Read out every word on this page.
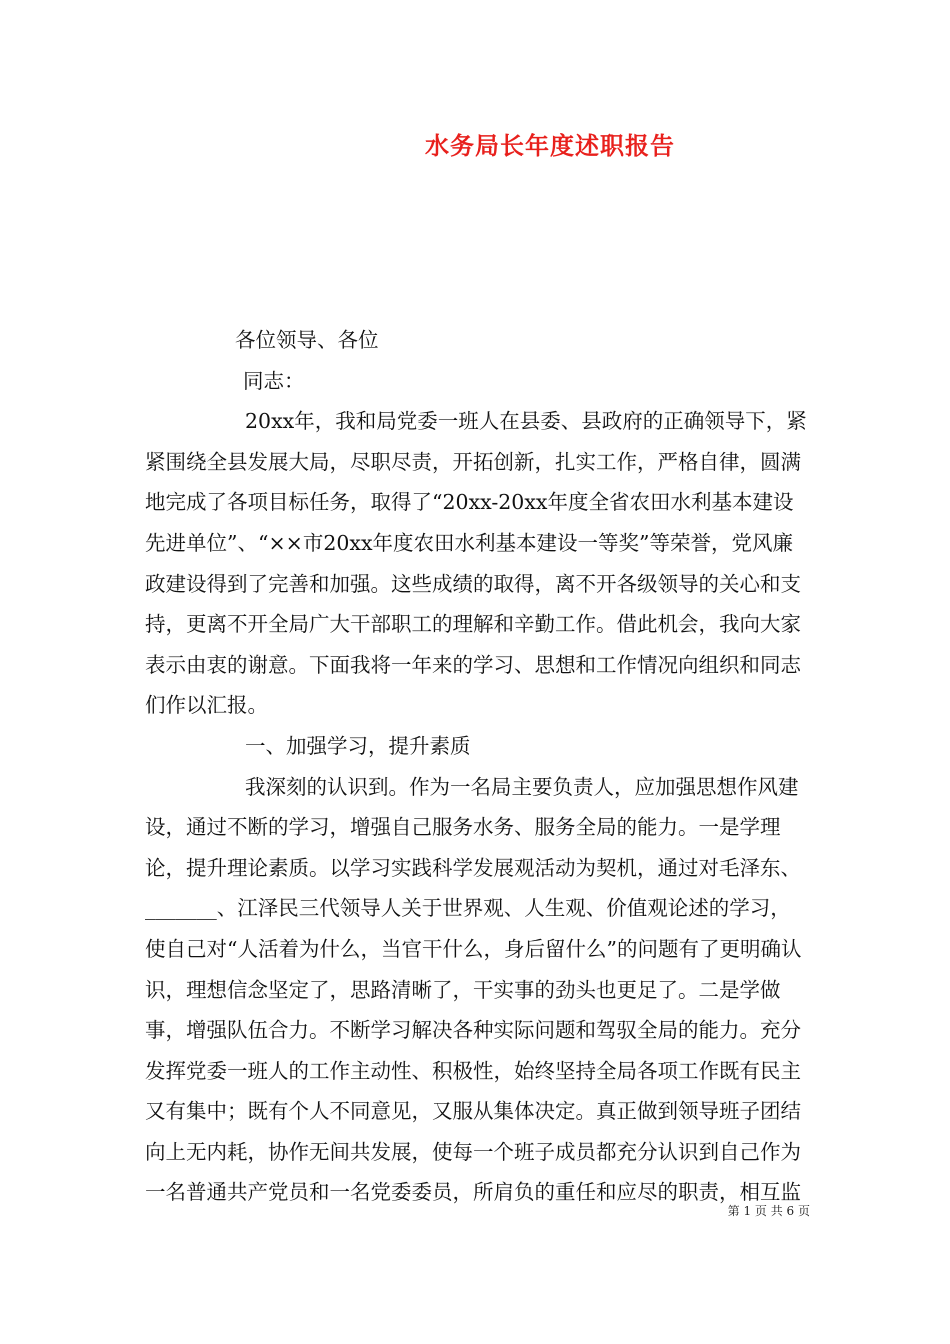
水务局长年度述职报告

各位领导、各位

同志：

20xx年，我和局党委一班人在县委、县政府的正确领导下，紧紧围绕全县发展大局，尽职尽责，开拓创新，扎实工作，严格自律，圆满地完成了各项目标任务，取得了“20xx-20xx年度全省农田水利基本建设先进单位”、“××市20xx年度农田水利基本建设一等奖”等荣誉，党风廉政建设得到了完善和加强。这些成绩的取得，离不开各级领导的关心和支持，更离不开全局广大干部职工的理解和辛勤工作。借此机会，我向大家表示由衷的谢意。下面我将一年来的学习、思想和工作情况向组织和同志们作以汇报。

一、加强学习，提升素质

我深刻的认识到。作为一名局主要负责人，应加强思想作风建设，通过不断的学习，增强自己服务水务、服务全局的能力。一是学理论，提升理论素质。以学习实践科学发展观活动为契机，通过对毛泽东、_______、江泽民三代领导人关于世界观、人生观、价值观论述的学习，使自己对“人活着为什么，当官干什么，身后留什么”的问题有了更明确认识，理想信念坚定了，思路清晰了，干实事的劲头也更足了。二是学做事，增强队伍合力。不断学习解决各种实际问题和驾驭全局的能力。充分发挥党委一班人的工作主动性、积极性，始终坚持全局各项工作既有民主又有集中；既有个人不同意见，又服从集体决定。真正做到领导班子团结向上无内耗，协作无间共发展，使每一个班子成员都充分认识到自己作为一名普通共产党员和一名党委委员，所肩负的重任和应尽的职责，相互监

第 1 页 共 6 页
